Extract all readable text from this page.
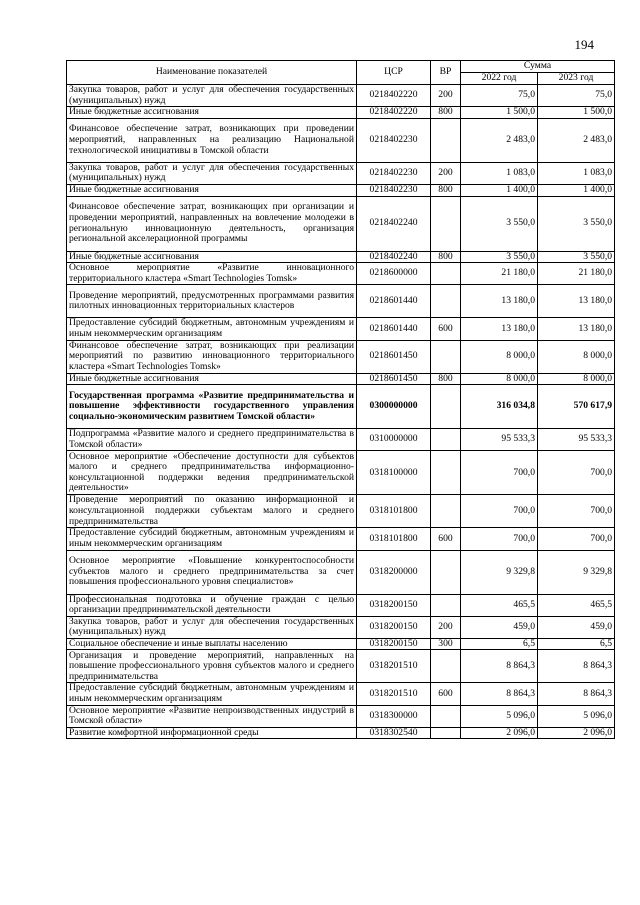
194
Наименование показателей	ЦСР	ВР	Сумма	
			2022 год	2023 год
Закупка товаров, работ и услуг для обеспечения государственных (муниципальных) нужд	0218402220	200	75,0	75,0
Иные бюджетные ассигнования	0218402220	800	1 500,0	1 500,0
Финансовое обеспечение затрат, возникающих при проведении мероприятий, направленных на реализацию Национальной технологической инициативы в Томской области	0218402230		2 483,0	2 483,0
Закупка товаров, работ и услуг для обеспечения государственных (муниципальных) нужд	0218402230	200	1 083,0	1 083,0
Иные бюджетные ассигнования	0218402230	800	1 400,0	1 400,0
Финансовое обеспечение затрат, возникающих при организации и проведении мероприятий, направленных на вовлечение молодежи в региональную инновационную деятельность, организация региональной акселерационной программы	0218402240		3 550,0	3 550,0
Иные бюджетные ассигнования	0218402240	800	3 550,0	3 550,0
Основное мероприятие «Развитие инновационного территориального кластера «Smart Technologies Tomsk»	0218600000		21 180,0	21 180,0
Проведение мероприятий, предусмотренных программами развития пилотных инновационных территориальных кластеров	0218601440		13 180,0	13 180,0
Предоставление субсидий бюджетным, автономным учреждениям и иным некоммерческим организациям	0218601440	600	13 180,0	13 180,0
Финансовое обеспечение затрат, возникающих при реализации мероприятий по развитию инновационного территориального кластера «Smart Technologies Tomsk»	0218601450		8 000,0	8 000,0
Иные бюджетные ассигнования	0218601450	800	8 000,0	8 000,0
Государственная программа «Развитие предпринимательства и повышение эффективности государственного управления социально-экономическим развитием Томской области»	0300000000		316 034,8	570 617,9
Подпрограмма «Развитие малого и среднего предпринимательства в Томской области»	0310000000		95 533,3	95 533,3
Основное мероприятие «Обеспечение доступности для субъектов малого и среднего предпринимательства информационно-консультационной поддержки ведения предпринимательской деятельности»	0318100000		700,0	700,0
Проведение мероприятий по оказанию информационной и консультационной поддержки субъектам малого и среднего предпринимательства	0318101800		700,0	700,0
Предоставление субсидий бюджетным, автономным учреждениям и иным некоммерческим организациям	0318101800	600	700,0	700,0
Основное мероприятие «Повышение конкурентоспособности субъектов малого и среднего предпринимательства за счет повышения профессионального уровня специалистов»	0318200000		9 329,8	9 329,8
Профессиональная подготовка и обучение граждан с целью организации предпринимательской деятельности	0318200150		465,5	465,5
Закупка товаров, работ и услуг для обеспечения государственных (муниципальных) нужд	0318200150	200	459,0	459,0
Социальное обеспечение и иные выплаты населению	0318200150	300	6,5	6,5
Организация и проведение мероприятий, направленных на повышение профессионального уровня субъектов малого и среднего предпринимательства	0318201510		8 864,3	8 864,3
Предоставление субсидий бюджетным, автономным учреждениям и иным некоммерческим организациям	0318201510	600	8 864,3	8 864,3
Основное мероприятие «Развитие непроизводственных индустрий в Томской области»	0318300000		5 096,0	5 096,0
Развитие комфортной информационной среды	0318302540		2 096,0	2 096,0
